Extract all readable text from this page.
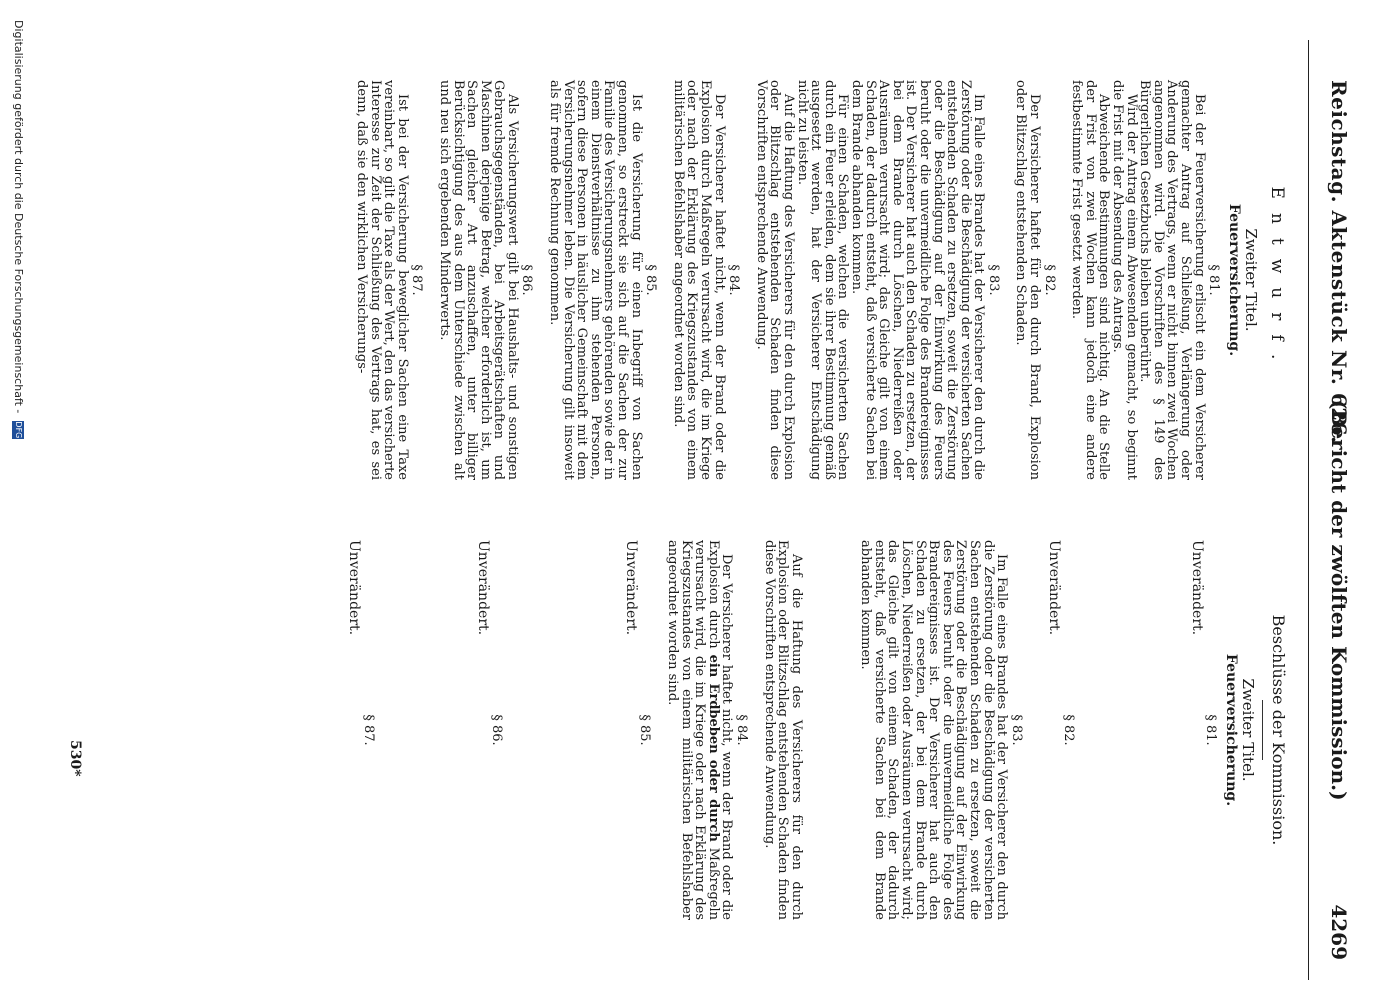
Reichstag. Aktenstück Nr. 626.
(Bericht der zwölften Kommission.)
4269

Entwurf.

Zweiter Titel.

Feuerversicherung.

§ 81.

Bei der Feuerversicherung erlischt ein dem Versicherer gemachter Antrag auf Schließung, Verlängerung oder Änderung des Vertrags, wenn er nicht binnen zwei Wochen angenommen wird. Die Vorschriften des § 149 des Bürgerlichen Gesetzbuchs bleiben unberührt.

Wird der Antrag einem Abwesenden gemacht, so beginnt die Frist mit der Absendung des Antrags.

Abweichende Bestimmungen sind nichtig. An die Stelle der Frist von zwei Wochen kann jedoch eine andere festbestimmte Frist gesetzt werden.

§ 82.

Der Versicherer haftet für den durch Brand, Explosion oder Blitzschlag entstehenden Schaden.

§ 83.

Im Falle eines Brandes hat der Versicherer den durch die Zerstörung oder die Beschädigung der versicherten Sachen entstehenden Schaden zu ersetzen, soweit die Zerstörung oder die Beschädigung auf der Einwirkung des Feuers beruht oder die unvermeidliche Folge des Brandereignisses ist. Der Versicherer hat auch den Schaden zu ersetzen, der bei dem Brande durch Löschen, Niederreißen oder Ausräumen verursacht wird; das Gleiche gilt von einem Schaden, der dadurch entsteht, daß versicherte Sachen bei dem Brande abhanden kommen.

Für einen Schaden, welchen die versicherten Sachen durch ein Feuer erleiden, dem sie ihrer Bestimmung gemäß ausgesetzt werden, hat der Versicherer Entschädigung nicht zu leisten.

Auf die Haftung des Versicherers für den durch Explosion oder Blitzschlag entstehenden Schaden finden diese Vorschriften entsprechende Anwendung.

§ 84.

Der Versicherer haftet nicht, wenn der Brand oder die Explosion durch Maßregeln verursacht wird, die im Kriege oder nach der Erklärung des Kriegszustandes von einem militärischen Befehlshaber angeordnet worden sind.

§ 85.

Ist die Versicherung für einen Inbegriff von Sachen genommen, so erstreckt sie sich auf die Sachen der zur Familie des Versicherungsnehmers gehörenden sowie der in einem Dienstverhältnisse zu ihm stehenden Personen, sofern diese Personen in häuslicher Gemeinschaft mit dem Versicherungsnehmer leben. Die Versicherung gilt insoweit als für fremde Rechnung genommen.

§ 86.

Als Versicherungswert gilt bei Haushalts- und sonstigen Gebrauchsgegenständen, bei Arbeitsgerätschaften und Maschinen derjenige Betrag, welcher erforderlich ist, um Sachen gleicher Art anzuschaffen, unter billiger Berücksichtigung des aus dem Unterschiede zwischen alt und neu sich ergebenden Minderwerts.

§ 87.

Ist bei der Versicherung beweglicher Sachen eine Taxe vereinbart, so gilt die Taxe als der Wert, den das versicherte Interesse zur Zeit der Schließung des Vertrags hat, es sei denn, daß sie den wirklichen Versicherungs-

Beschlüsse der Kommission.

Zweiter Titel.

Feuerversicherung.

§ 81.

Unverändert.

§ 82.

Unverändert.

§ 83.

Im Falle eines Brandes hat der Versicherer den durch die Zerstörung oder die Beschädigung der versicherten Sachen entstehenden Schaden zu ersetzen, soweit die Zerstörung oder die Beschädigung auf der Einwirkung des Feuers beruht oder die unvermeidliche Folge des Brandereignisses ist. Der Versicherer hat auch den Schaden zu ersetzen, der bei dem Brande durch Löschen, Niederreißen oder Ausräumen verursacht wird; das Gleiche gilt von einem Schaden, der dadurch entsteht, daß versicherte Sachen bei dem Brande abhanden kommen.

Auf die Haftung des Versicherers für den durch Explosion oder Blitzschlag entstehenden Schaden finden diese Vorschriften entsprechende Anwendung.

§ 84.

Der Versicherer haftet nicht, wenn der Brand oder die Explosion durch ein Erdbeben oder durch Maßregeln verursacht wird, die im Kriege oder nach Erklärung des Kriegszustandes von einem militärischen Befehlshaber angeordnet worden sind.

§ 85.

Unverändert.

§ 86.

Unverändert.

§ 87.

Unverändert.

530*
Digitalisierung gefördert durch die Deutsche Forschungsgemeinschaft - DFG
